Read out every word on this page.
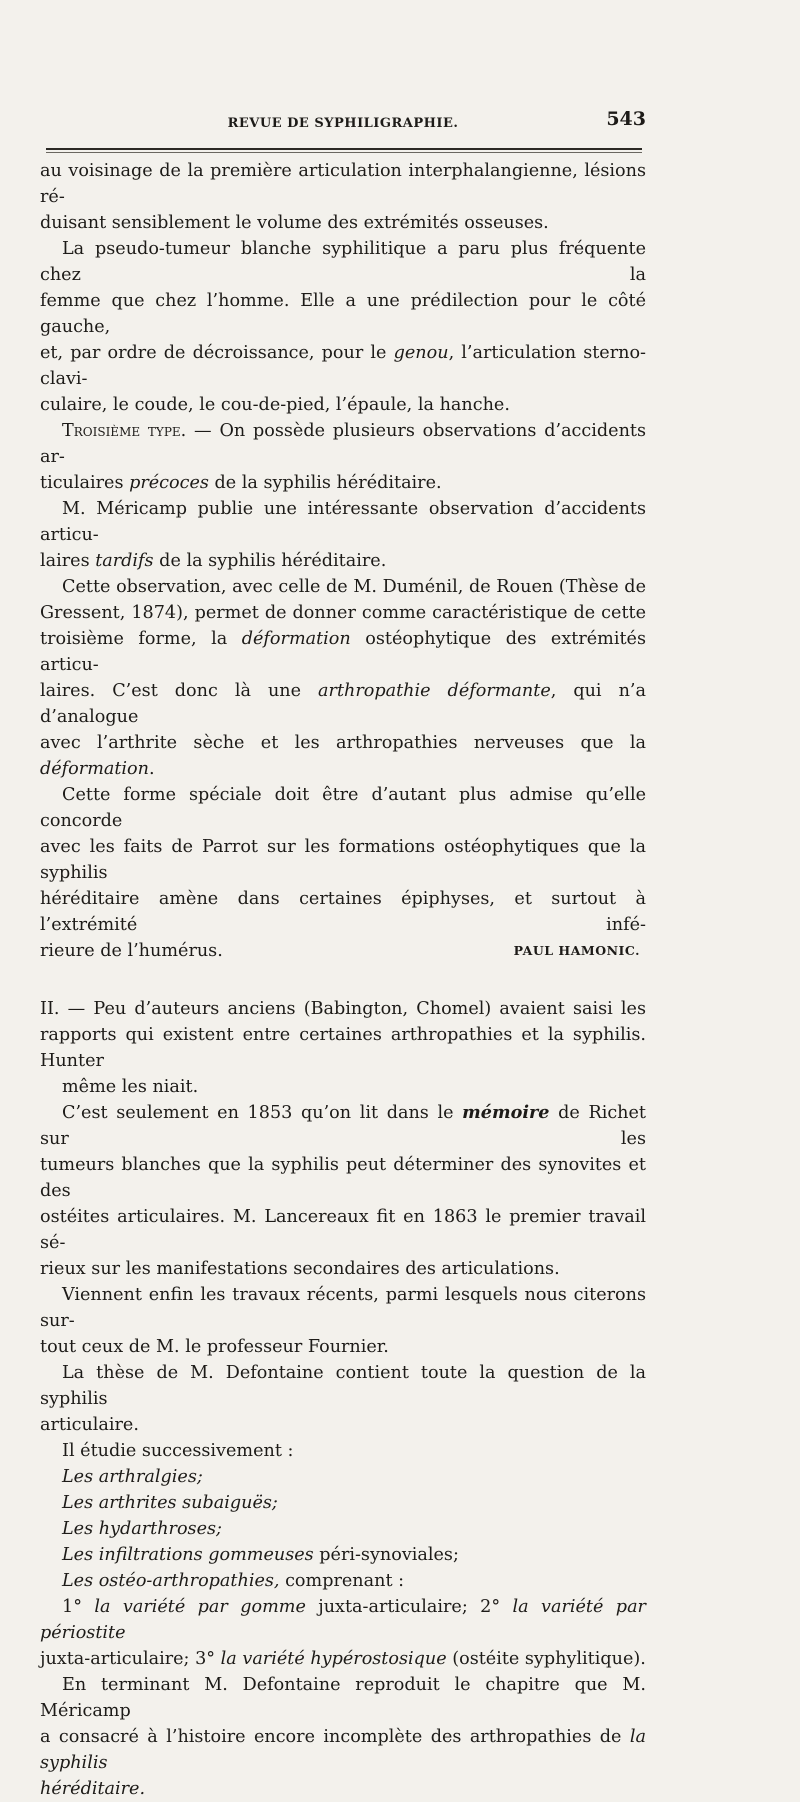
REVUE DE SYPHILIGRAPHIE.	543

au voisinage de la première articulation interphalangienne, lésions ré-

duisant sensiblement le volume des extrémités osseuses.

La pseudo-tumeur blanche syphilitique a paru plus fréquente chez la

femme que chez l’homme. Elle a une prédilection pour le côté gauche,

et, par ordre de décroissance, pour le genou, l’articulation sterno-clavi-

culaire, le coude, le cou-de-pied, l’épaule, la hanche.

Troisième type. — On possède plusieurs observations d’accidents ar-

ticulaires précoces de la syphilis héréditaire.

M. Méricamp publie une intéressante observation d’accidents articu-

laires tardifs de la syphilis héréditaire.

Cette observation, avec celle de M. Duménil, de Rouen (Thèse de

Gressent, 1874), permet de donner comme caractéristique de cette

troisième forme, la déformation ostéophytique des extrémités articu-

laires. C’est donc là une arthropathie déformante, qui n’a d’analogue

avec l’arthrite sèche et les arthropathies nerveuses que la déformation.

Cette forme spéciale doit être d’autant plus admise qu’elle concorde

avec les faits de Parrot sur les formations ostéophytiques que la syphilis

héréditaire amène dans certaines épiphyses, et surtout à l’extrémité infé-

rieure de l’humérus.	PAUL HAMONIC.

II. — Peu d’auteurs anciens (Babington, Chomel) avaient saisi les

rapports qui existent entre certaines arthropathies et la syphilis. Hunter

même les niait.

C’est seulement en 1853 qu’on lit dans le mémoire de Richet sur les

tumeurs blanches que la syphilis peut déterminer des synovites et des

ostéites articulaires. M. Lancereaux fit en 1863 le premier travail sé-

rieux sur les manifestations secondaires des articulations.

Viennent enfin les travaux récents, parmi lesquels nous citerons sur-

tout ceux de M. le professeur Fournier.

La thèse de M. Defontaine contient toute la question de la syphilis

articulaire.

Il étudie successivement :

Les arthralgies;

Les arthrites subaiguës;

Les hydarthroses;

Les infiltrations gommeuses péri-synoviales;

Les ostéo-arthropathies, comprenant :

1° la variété par gomme juxta-articulaire; 2° la variété par périostite

juxta-articulaire; 3° la variété hypérostosique (ostéite syphylitique).

En terminant M. Defontaine reproduit le chapitre que M. Méricamp

a consacré à l’histoire encore incomplète des arthropathies de la syphilis

héréditaire.
